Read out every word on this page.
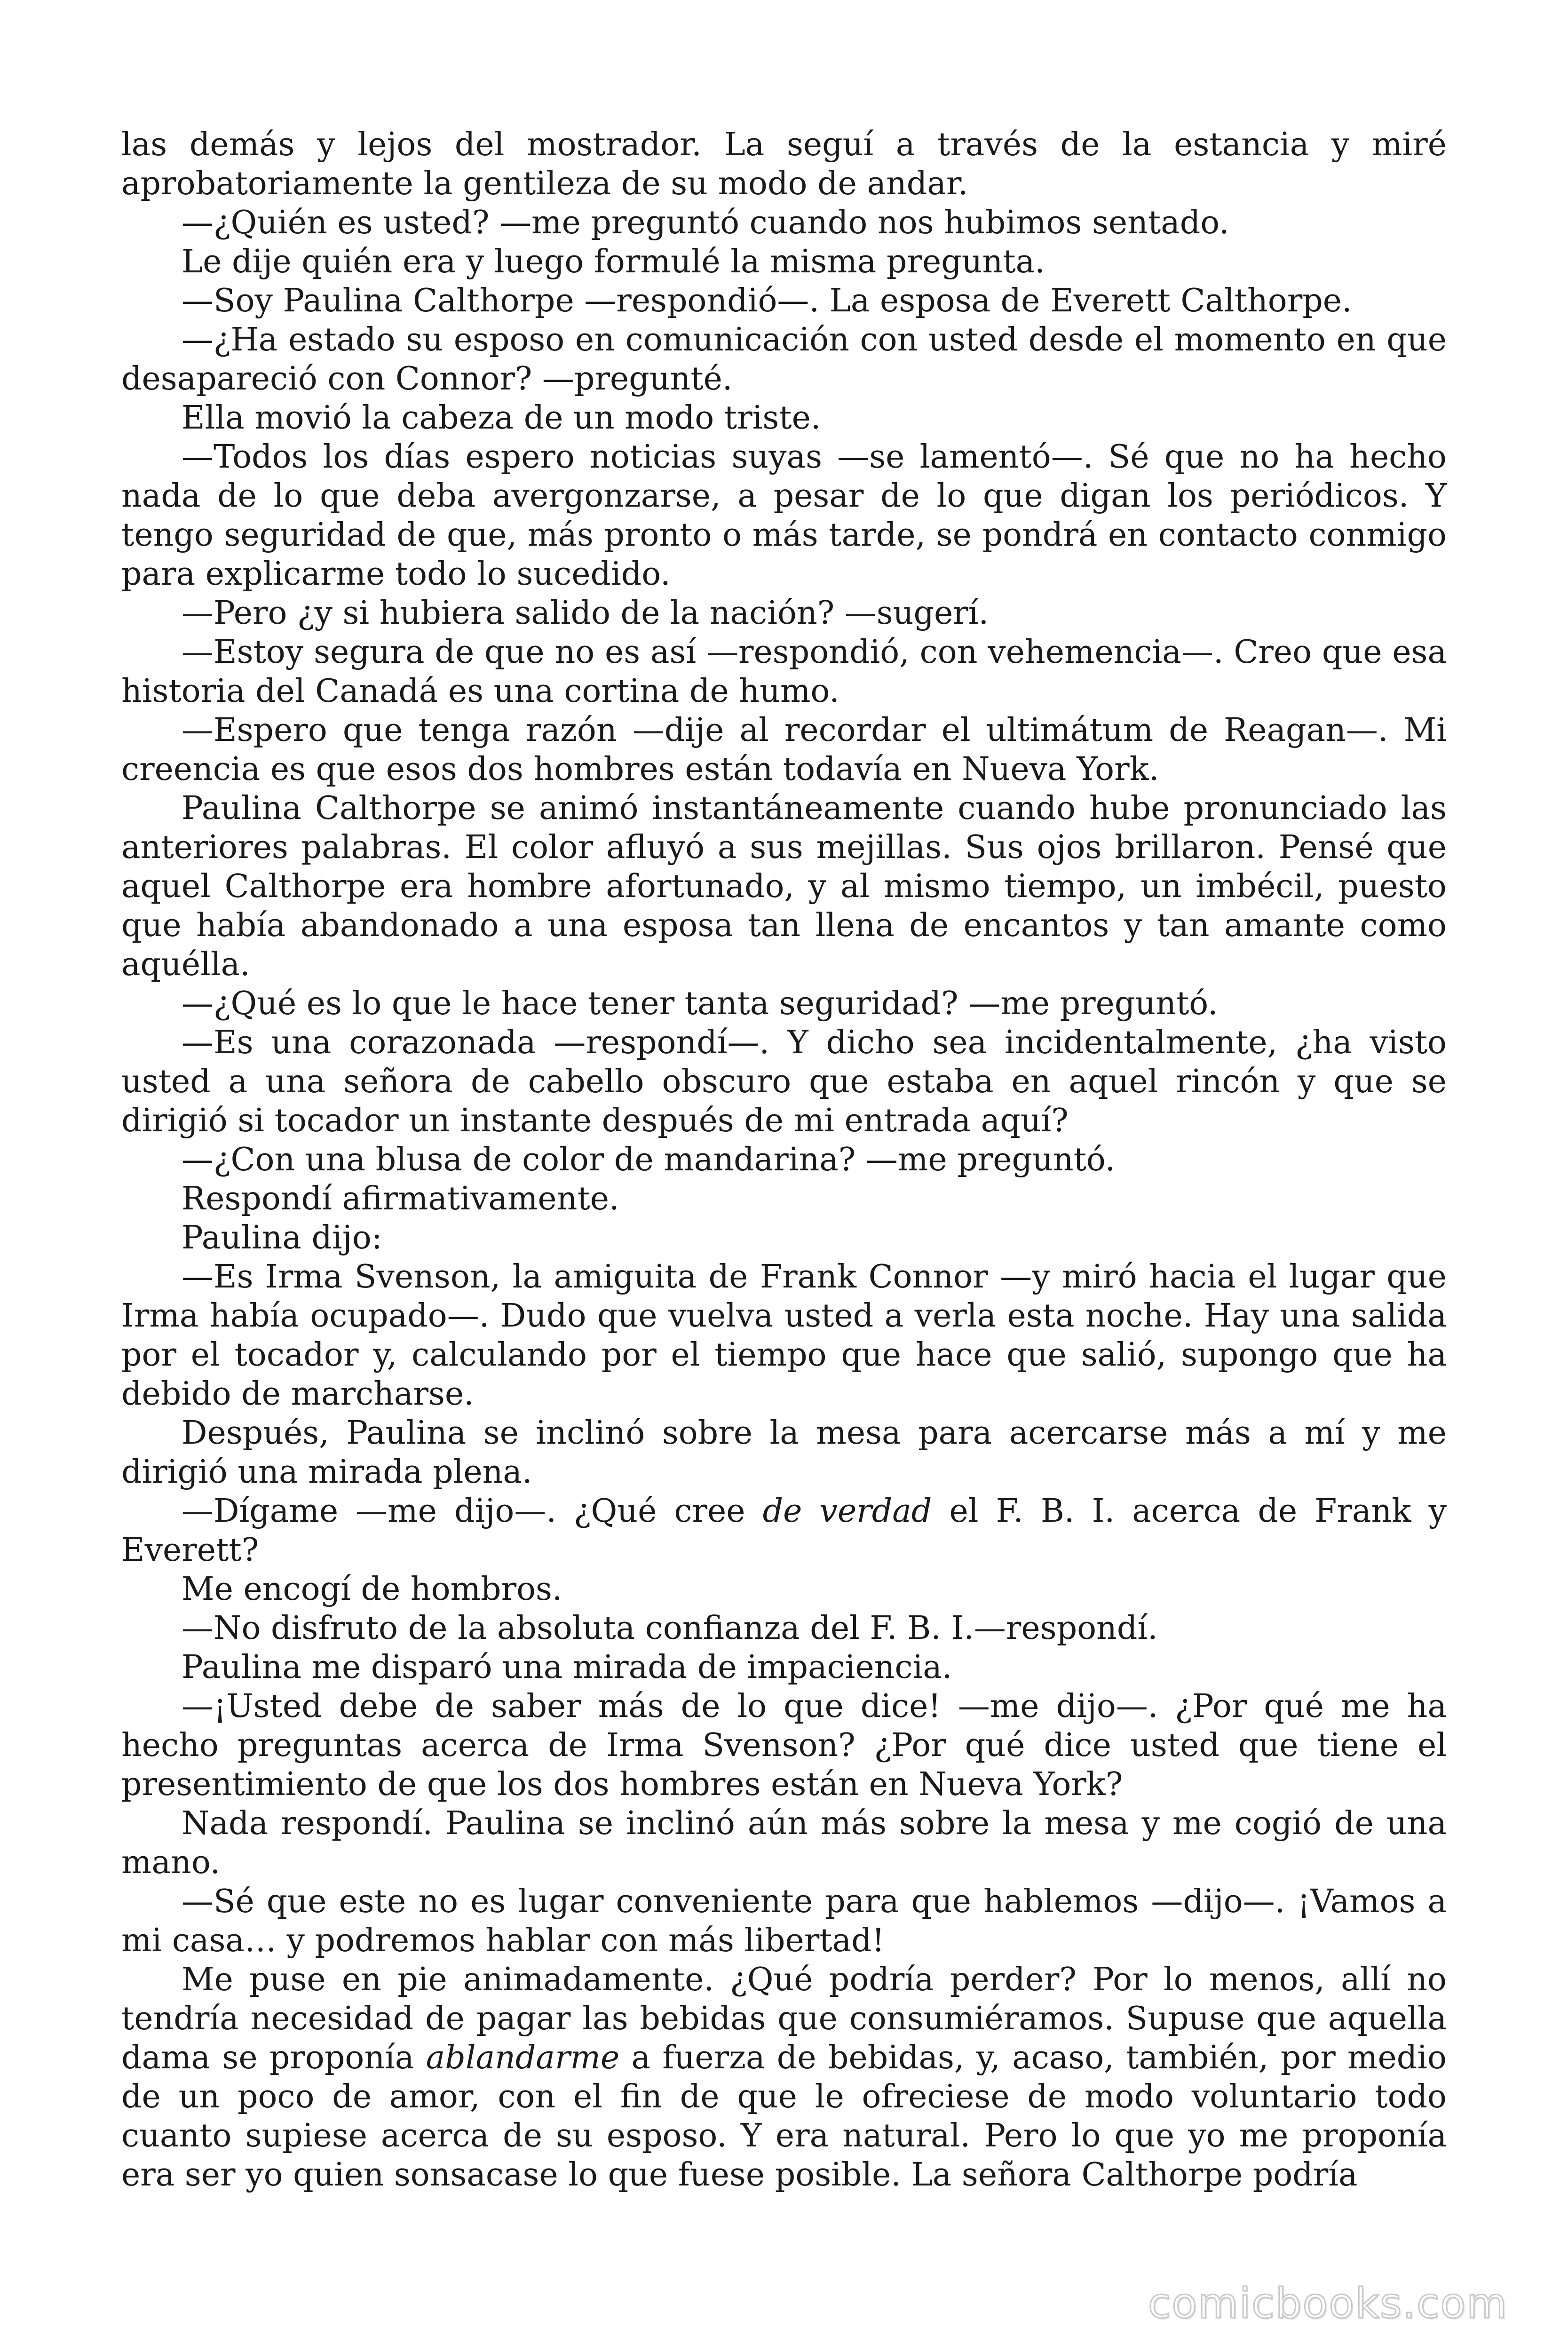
las demás y lejos del mostrador. La seguí a través de la estancia y miré aprobatoriamente la gentileza de su modo de andar.

—¿Quién es usted? —me preguntó cuando nos hubimos sentado.

Le dije quién era y luego formulé la misma pregunta.

—Soy Paulina Calthorpe —respondió—. La esposa de Everett Calthorpe.

—¿Ha estado su esposo en comunicación con usted desde el momento en que desapareció con Connor? —pregunté.

Ella movió la cabeza de un modo triste.

—Todos los días espero noticias suyas —se lamentó—. Sé que no ha hecho nada de lo que deba avergonzarse, a pesar de lo que digan los periódicos. Y tengo seguridad de que, más pronto o más tarde, se pondrá en contacto conmigo para explicarme todo lo sucedido.

—Pero ¿y si hubiera salido de la nación? —sugerí.

—Estoy segura de que no es así —respondió, con vehemencia—. Creo que esa historia del Canadá es una cortina de humo.

—Espero que tenga razón —dije al recordar el ultimátum de Reagan—. Mi creencia es que esos dos hombres están todavía en Nueva York.

Paulina Calthorpe se animó instantáneamente cuando hube pronunciado las anteriores palabras. El color afluyó a sus mejillas. Sus ojos brillaron. Pensé que aquel Calthorpe era hombre afortunado, y al mismo tiempo, un imbécil, puesto que había abandonado a una esposa tan llena de encantos y tan amante como aquélla.

—¿Qué es lo que le hace tener tanta seguridad? —me preguntó.

—Es una corazonada —respondí—. Y dicho sea incidentalmente, ¿ha visto usted a una señora de cabello obscuro que estaba en aquel rincón y que se dirigió si tocador un instante después de mi entrada aquí?

—¿Con una blusa de color de mandarina? —me preguntó.

Respondí afirmativamente.

Paulina dijo:

—Es Irma Svenson, la amiguita de Frank Connor —y miró hacia el lugar que Irma había ocupado—. Dudo que vuelva usted a verla esta noche. Hay una salida por el tocador y, calculando por el tiempo que hace que salió, supongo que ha debido de marcharse.

Después, Paulina se inclinó sobre la mesa para acercarse más a mí y me dirigió una mirada plena.

—Dígame —me dijo—. ¿Qué cree de verdad el F. B. I. acerca de Frank y Everett?

Me encogí de hombros.

—No disfruto de la absoluta confianza del F. B. I.—respondí.

Paulina me disparó una mirada de impaciencia.

—¡Usted debe de saber más de lo que dice! —me dijo—. ¿Por qué me ha hecho preguntas acerca de Irma Svenson? ¿Por qué dice usted que tiene el presentimiento de que los dos hombres están en Nueva York?

Nada respondí. Paulina se inclinó aún más sobre la mesa y me cogió de una mano.

—Sé que este no es lugar conveniente para que hablemos —dijo—. ¡Vamos a mi casa… y podremos hablar con más libertad!

Me puse en pie animadamente. ¿Qué podría perder? Por lo menos, allí no tendría necesidad de pagar las bebidas que consumiéramos. Supuse que aquella dama se proponía ablandarme a fuerza de bebidas, y, acaso, también, por medio de un poco de amor, con el fin de que le ofreciese de modo voluntario todo cuanto supiese acerca de su esposo. Y era natural. Pero lo que yo me proponía era ser yo quien sonsacase lo que fuese posible. La señora Calthorpe podría

comicbooks.com
